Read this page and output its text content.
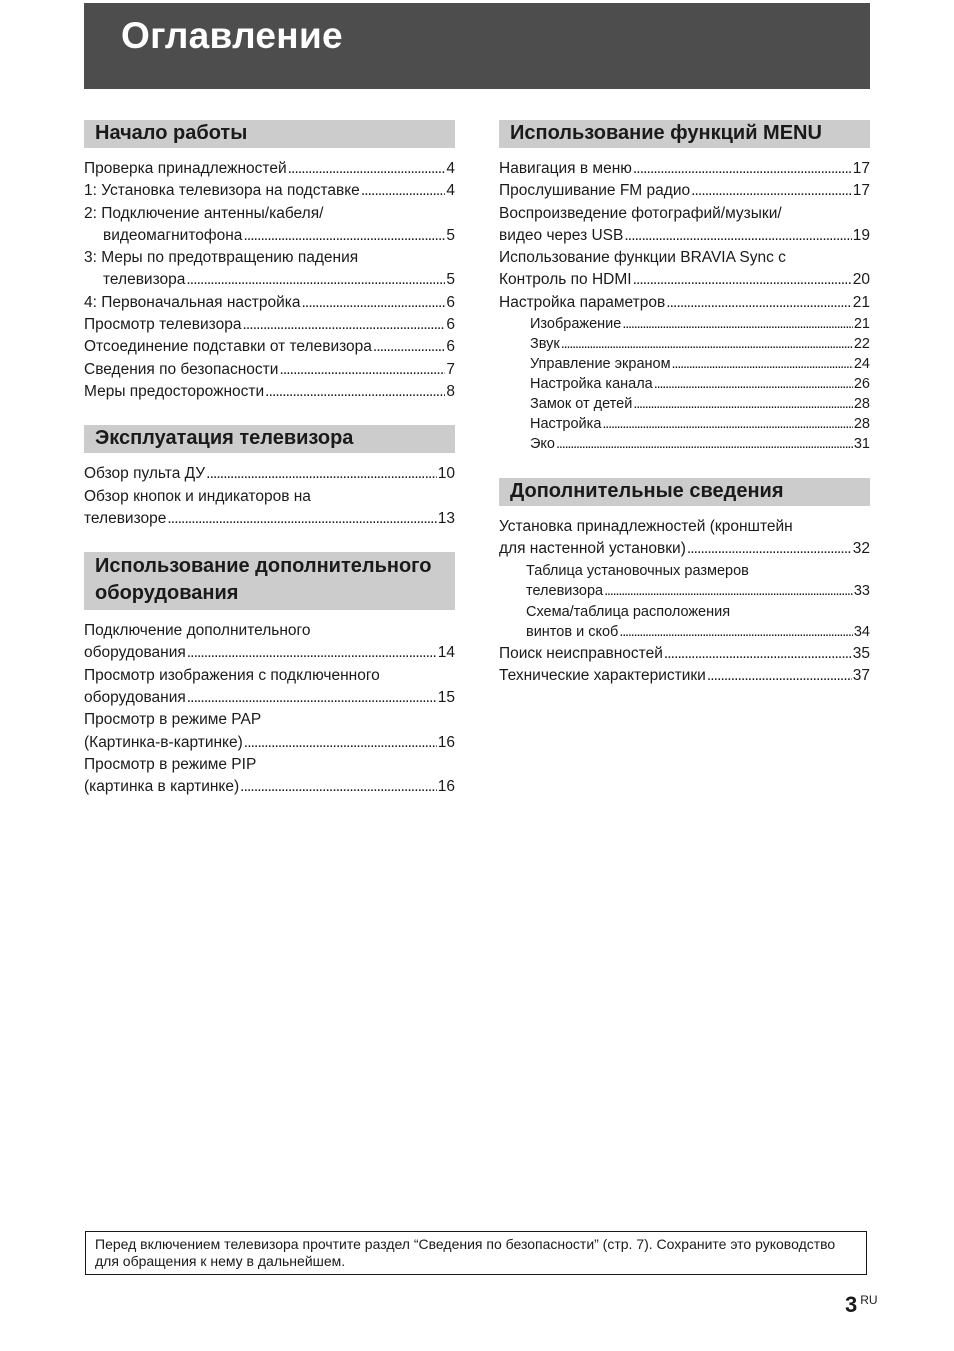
Оглавление
Начало работы
Проверка принадлежностей . . .	4
1: Установка телевизора на подставке . . .	4
2: Подключение антенны/кабеля/
видеомагнитофона . . .	5
3: Меры по предотвращению падения
телевизора . . .	5
4: Первоначальная настройка . . .	6
Просмотр телевизора . . .	6
Отсоединение подставки от телевизора . . .	6
Сведения по безопасности . . .	7
Меры предосторожности . . .	8
Эксплуатация телевизора
Обзор пульта ДУ . . .	10
Обзор кнопок и индикаторов на
телевизоре . . .	13
Использование дополнительного
оборудования
Подключение дополнительного
оборудования . . .	14
Просмотр изображения с подключенного
оборудования . . .	15
Просмотр в режиме PAP
(Картинка-в-картинке) . . .	16
Просмотр в режиме PIP
(картинка в картинке) . . .	16
Использование функций MENU
Навигация в меню . . .	17
Прослушивание FM радио . . .	17
Воспроизведение фотографий/музыки/
видео через USB . . .	19
Использование функции BRAVIA Sync с
Контроль по HDMI . . .	20
Настройка параметров . . .	21
Изображение . . .	21
Звук . . .	22
Управление экраном . . .	24
Настройка канала . . .	26
Замок от детей . . .	28
Настройка . . .	28
Эко . . .	31
Дополнительные сведения
Установка принадлежностей (кронштейн
для настенной установки) . . .	32
Таблица установочных размеров
телевизора . . .	33
Схема/таблица расположения
винтов и скоб . . .	34
Поиск неисправностей . . .	35
Технические характеристики . . .	37
Перед включением телевизора прочтите раздел “Сведения по безопасности” (стр. 7). Сохраните это руководство для обращения к нему в дальнейшем.
3 $^{RU}$
